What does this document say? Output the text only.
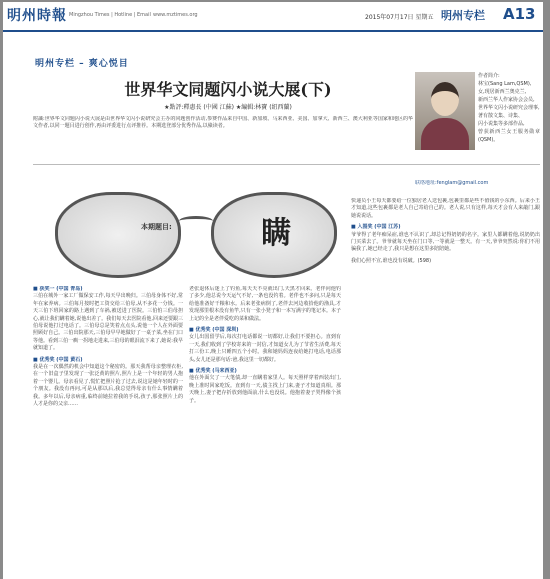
明州時報 Mingzhou Times | Hotline | Email www.mztimes.org	2015年07月17日 星期五 明州专栏 A13
明州专栏 – 爽心悦目
世界华文同题闪小说大展(下)
★點評:釋惠長 (中國 江蘇) ★編輯:林寶 (紐西蘭)
附識:世界华文同题闪小说大展是由世界华文闪小说研究会主办的同题创作活动,参赛作品来自中国、新加坡、马来西亚、美国、加拿大、新西兰、澳大利亚等国家和地区的华文作者,以同一题目进行创作,再由评委进行点评推荐。本期选登部分优秀作品,以飨读者。
作者简介:
林宝(Sang Lam,QSM),
女,现居新西兰奥克兰,
新西兰华人作家协会会员,
世界华文闪小说研究会理事,
著有散文集、诗集、
闪小说集等多部作品,
曾获新西兰女王服务勋章(QSM)。
联络地址:fenglam@gmail.com
本期题目:	瞒
■ 获奖一 (中国 青岛)
三伯在城外一家工厂做保安工作,每天早出晚归。三伯母身体不好,常年在家养病。三伯每月按时把工资交给三伯母,从不多花一分钱。一天三伯下班回家的路上遇到了车祸,被送进了医院。三伯怕三伯母担心,就让我们瞒着她,说他出差了。我们每天去医院看他,回来还要跟三伯母说他打过电话了。三伯母总是笑着点点头,说他一个人在外面要照顾好自己。三伯出院那天,三伯母早早地做好了一桌子菜,坐在门口等他。看到三伯一瘸一拐地走进来,三伯母的眼泪流下来了,她说:我早就知道了。
■ 优秀奖 (中国 黄石)
我是在一次偶然的机会中知道这个秘密的。那天我帮母亲整理衣柜,在一个旧盒子里发现了一张泛黄的照片,照片上是一个年轻的男人抱着一个婴儿。母亲看见了,慌忙把照片抢了过去,说这是她年轻时的一个朋友。我没有再问,可是从那以后,我总觉得母亲有什么事情瞒着我。多年以后,母亲病重,临终前她拉着我的手说,孩子,那张照片上的人才是你的父亲……
老张退休后迷上了钓鱼,每天天不亮就出门,天黑才回来。老伴问他钓了多少,他总说今天运气不好,一条也没钓着。老伴也不多问,只是每天给他准备好干粮和水。后来老张病倒了,老伴去河边收拾他的渔具,才发现那里根本没有鱼竿,只有一张小凳子和一本写满字的笔记本。本子上记的全是老伴爱吃的菜和做法。
■ 优秀奖 (中国 深圳)
女儿出国留学后,每次打电话都说一切都好,让我们不要担心。直到有一天,我们收到了学校寄来的一封信,才知道女儿为了节省生活费,每天打三份工,晚上只睡四五个小时。我和她妈妈连夜给她打电话,电话那头,女儿还是那句话:爸,我这里一切都好。
■ 优秀奖 (马来西亚)
他在外面欠了一大笔债,却一直瞒着家里人。每天照样穿着西装出门,晚上准时回家吃饭。直到有一天,债主找上门来,妻子才知道真相。那天晚上,妻子把存折放到他面前,什么也没说。他抱着妻子哭得像个孩子。
快递员小王每天都要给一位独居老人送包裹,包裹里都是些不值钱的小东西。后来小王才知道,这些包裹都是老人自己寄给自己的。老人说,只有这样,每天才会有人来敲门,跟她说说话。
■ 入围奖 (中国 江苏)
爷爷得了老年痴呆症,谁也不认识了,却总记得奶奶的名字。家里人都瞒着他,说奶奶出门买菜去了。爷爷就每天坐在门口等,一等就是一整天。有一天,爷爷突然说:你们不用骗我了,她已经走了,我只是想在这里多陪陪她。
我们心照不宣,谁也没有说破。(598)
